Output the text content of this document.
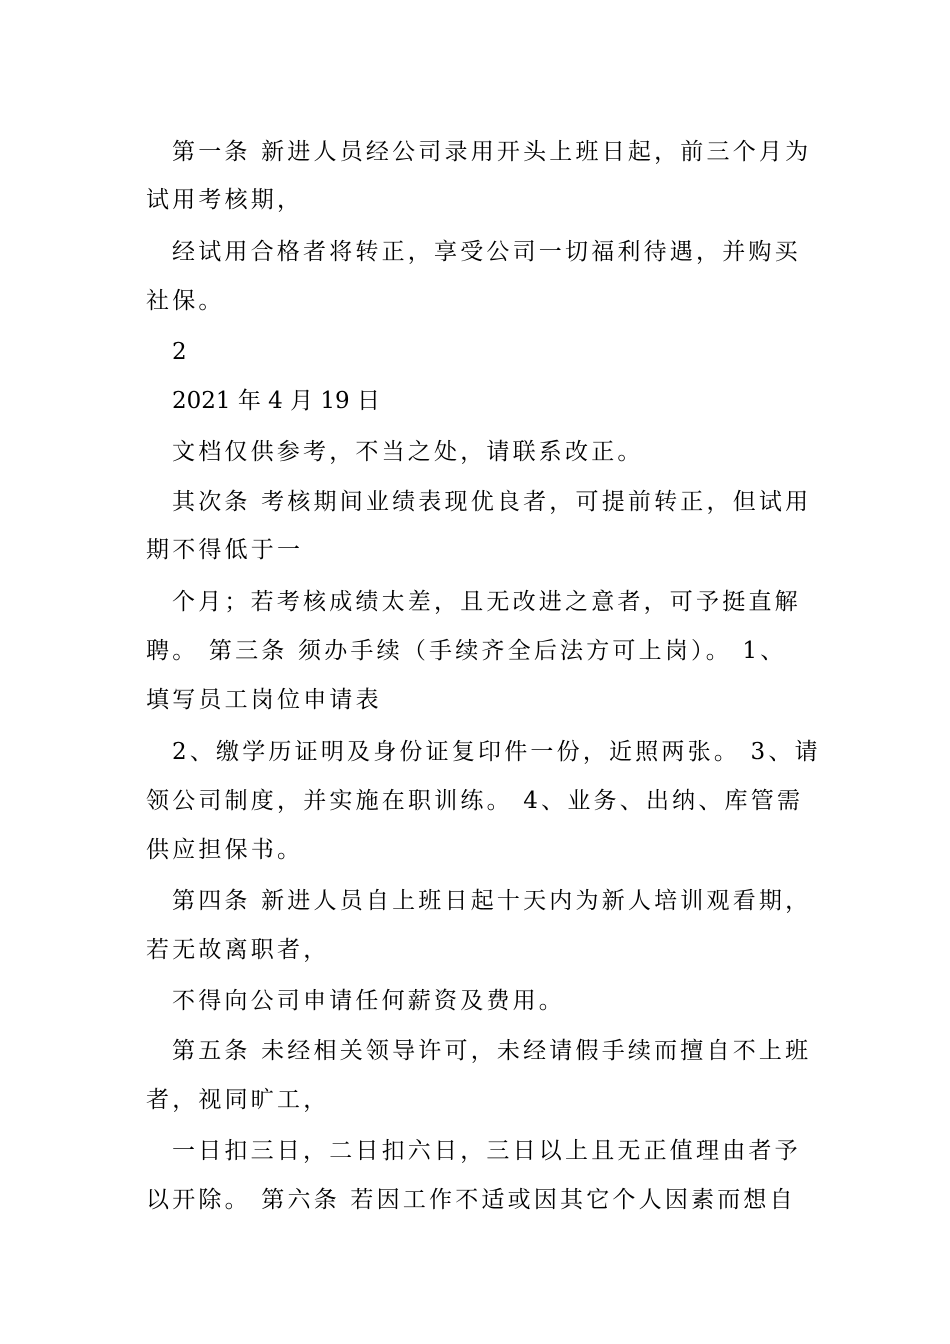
第一条 新进人员经公司录用开头上班日起，前三个月为
试用考核期，
经试用合格者将转正，享受公司一切福利待遇，并购买
社保。
2
2021 年 4 月 19 日
文档仅供参考，不当之处，请联系改正。
其次条 考核期间业绩表现优良者，可提前转正，但试用
期不得低于一
个月；若考核成绩太差，且无改进之意者，可予挺直解
聘。 第三条 须办手续（手续齐全后法方可上岗）。 1、
填写员工岗位申请表
2、缴学历证明及身份证复印件一份，近照两张。 3、请
领公司制度，并实施在职训练。 4、业务、出纳、库管需
供应担保书。
第四条 新进人员自上班日起十天内为新人培训观看期，
若无故离职者，
不得向公司申请任何薪资及费用。
第五条 未经相关领导许可，未经请假手续而擅自不上班
者，视同旷工，
一日扣三日，二日扣六日，三日以上且无正值理由者予
以开除。 第六条 若因工作不适或因其它个人因素而想自
